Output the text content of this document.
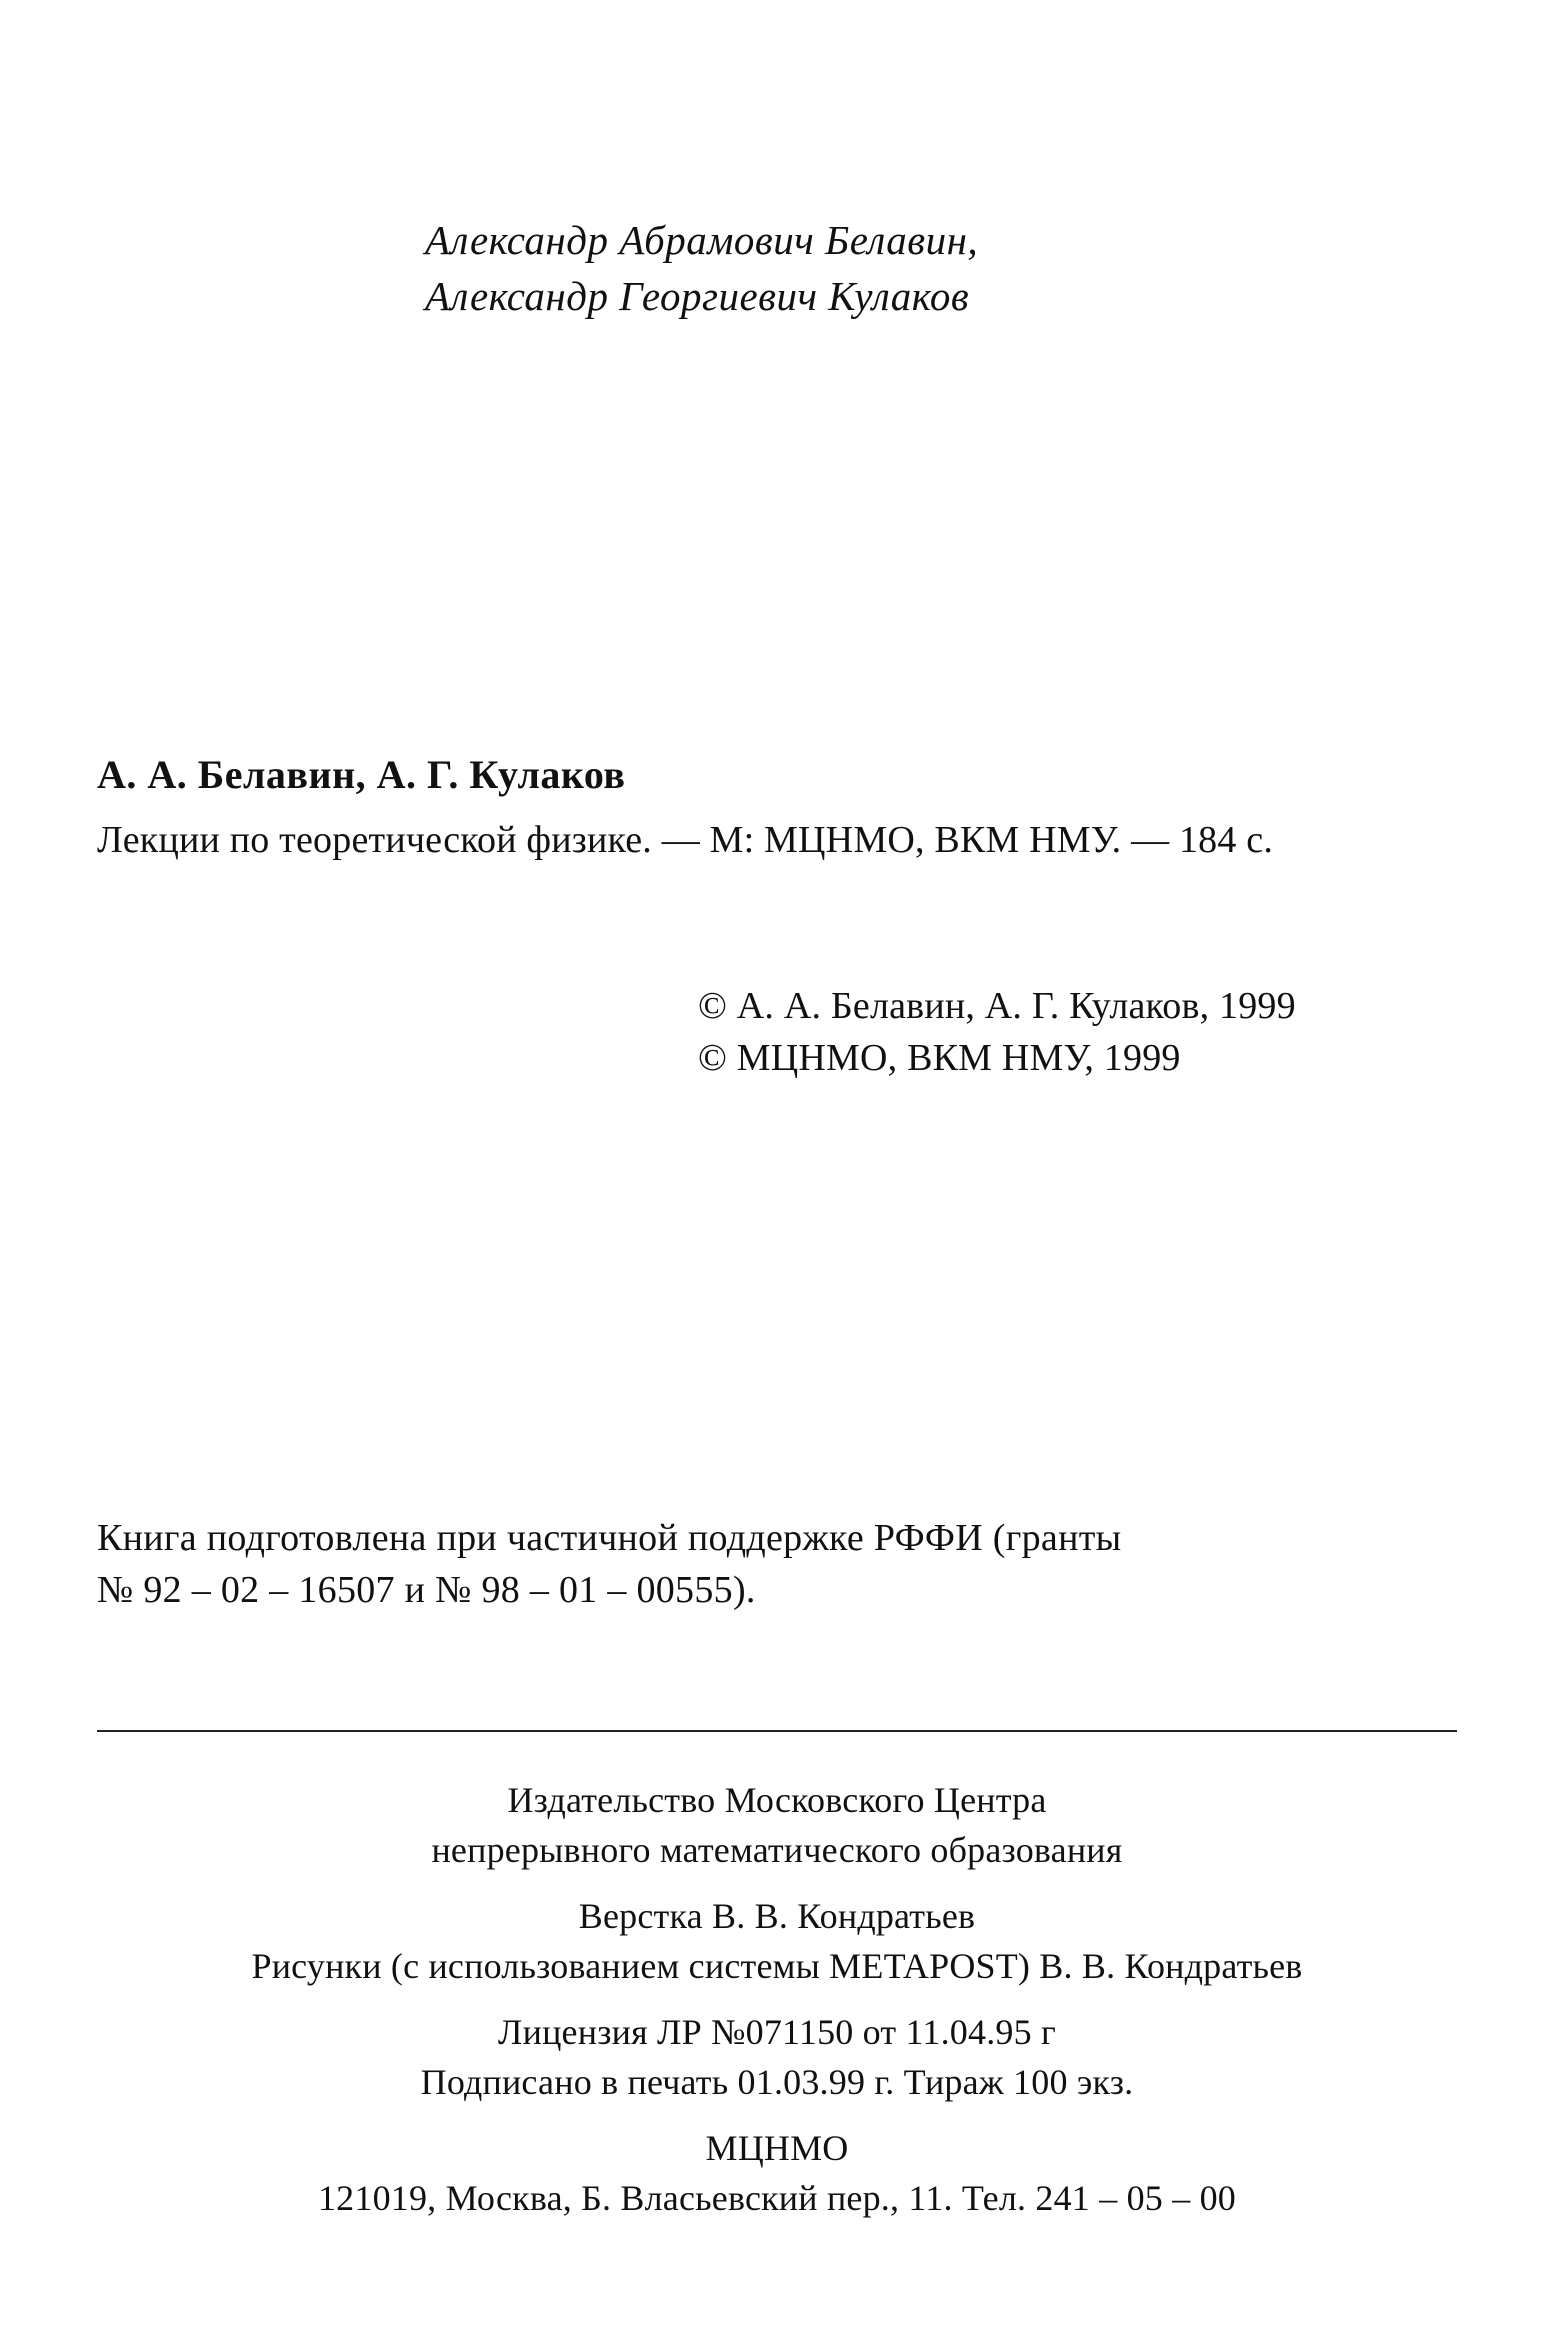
Александр Абрамович Белавин,
Александр Георгиевич Кулаков
А. А. Белавин, А. Г. Кулаков
Лекции по теоретической физике. — М: МЦНМО, ВКМ НМУ. — 184 с.
© А. А. Белавин, А. Г. Кулаков, 1999
© МЦНМО, ВКМ НМУ, 1999
Книга подготовлена при частичной поддержке РФФИ (гранты
№ 92 – 02 – 16507 и № 98 – 01 – 00555).
Издательство Московского Центра
непрерывного математического образования
Верстка В. В. Кондратьев
Рисунки (с использованием системы METAPOST) В. В. Кондратьев
Лицензия ЛР №071150 от 11.04.95 г
Подписано в печать 01.03.99 г. Тираж 100 экз.
МЦНМО
121019, Москва, Б. Власьевский пер., 11. Тел. 241 – 05 – 00
